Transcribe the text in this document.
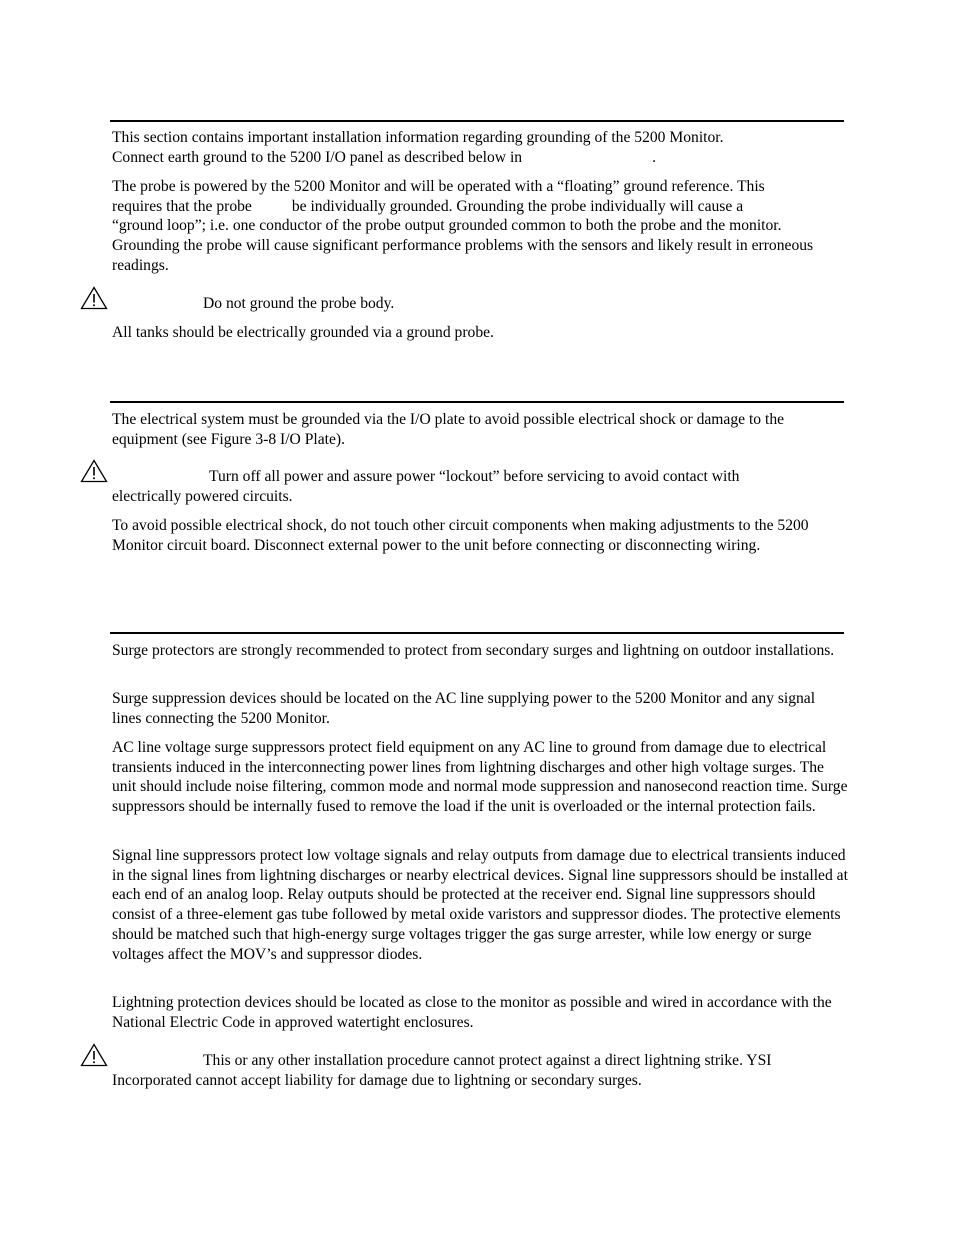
This section contains important installation information regarding grounding of the 5200 Monitor.
Connect earth ground to the 5200 I/O panel as described below in	.

The probe is powered by the 5200 Monitor and will be operated with a “floating” ground reference. This
requires that the probe	be individually grounded. Grounding the probe individually will cause a
“ground loop”; i.e. one conductor of the probe output grounded common to both the probe and the monitor. Grounding the probe will cause significant performance problems with the sensors and likely result in erroneous readings.

Do not ground the probe body.

All tanks should be electrically grounded via a ground probe.

The electrical system must be grounded via the I/O plate to avoid possible electrical shock or damage to the equipment (see Figure 3-8 I/O Plate).

Turn off all power and assure power “lockout” before servicing to avoid contact with
electrically powered circuits.

To avoid possible electrical shock, do not touch other circuit components when making adjustments to the 5200 Monitor circuit board. Disconnect external power to the unit before connecting or disconnecting wiring.

Surge protectors are strongly recommended to protect from secondary surges and lightning on outdoor installations.

Surge suppression devices should be located on the AC line supplying power to the 5200 Monitor and any signal lines connecting the 5200 Monitor.

AC line voltage surge suppressors protect field equipment on any AC line to ground from damage due to electrical transients induced in the interconnecting power lines from lightning discharges and other high voltage surges. The unit should include noise filtering, common mode and normal mode suppression and nanosecond reaction time. Surge suppressors should be internally fused to remove the load if the unit is overloaded or the internal protection fails.

Signal line suppressors protect low voltage signals and relay outputs from damage due to electrical transients induced in the signal lines from lightning discharges or nearby electrical devices. Signal line suppressors should be installed at each end of an analog loop. Relay outputs should be protected at the receiver end. Signal line suppressors should consist of a three-element gas tube followed by metal oxide varistors and suppressor diodes. The protective elements should be matched such that high-energy surge voltages trigger the gas surge arrester, while low energy or surge voltages affect the MOV’s and suppressor diodes.

Lightning protection devices should be located as close to the monitor as possible and wired in accordance with the National Electric Code in approved watertight enclosures.

This or any other installation procedure cannot protect against a direct lightning strike. YSI
Incorporated cannot accept liability for damage due to lightning or secondary surges.
